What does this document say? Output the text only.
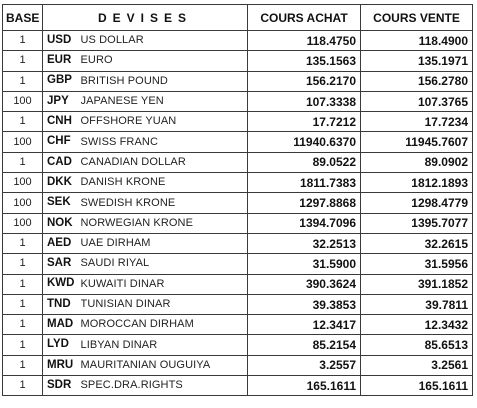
BASE	DEVISES		COURS ACHAT	COURS VENTE
1	USD	US DOLLAR	118.4750	118.4900
1	EUR	EURO	135.1563	135.1971
1	GBP	BRITISH POUND	156.2170	156.2780
100	JPY	JAPANESE YEN	107.3338	107.3765
1	CNH	OFFSHORE YUAN	17.7212	17.7234
100	CHF	SWISS FRANC	11940.6370	11945.7607
1	CAD	CANADIAN DOLLAR	89.0522	89.0902
100	DKK	DANISH KRONE	1811.7383	1812.1893
100	SEK	SWEDISH KRONE	1297.8868	1298.4779
100	NOK	NORWEGIAN KRONE	1394.7096	1395.7077
1	AED	UAE DIRHAM	32.2513	32.2615
1	SAR	SAUDI RIYAL	31.5900	31.5956
1	KWD	KUWAITI DINAR	390.3624	391.1852
1	TND	TUNISIAN DINAR	39.3853	39.7811
1	MAD	MOROCCAN DIRHAM	12.3417	12.3432
1	LYD	LIBYAN DINAR	85.2154	85.6513
1	MRU	MAURITANIAN OUGUIYA	3.2557	3.2561
1	SDR	SPEC.DRA.RIGHTS	165.1611	165.1611
